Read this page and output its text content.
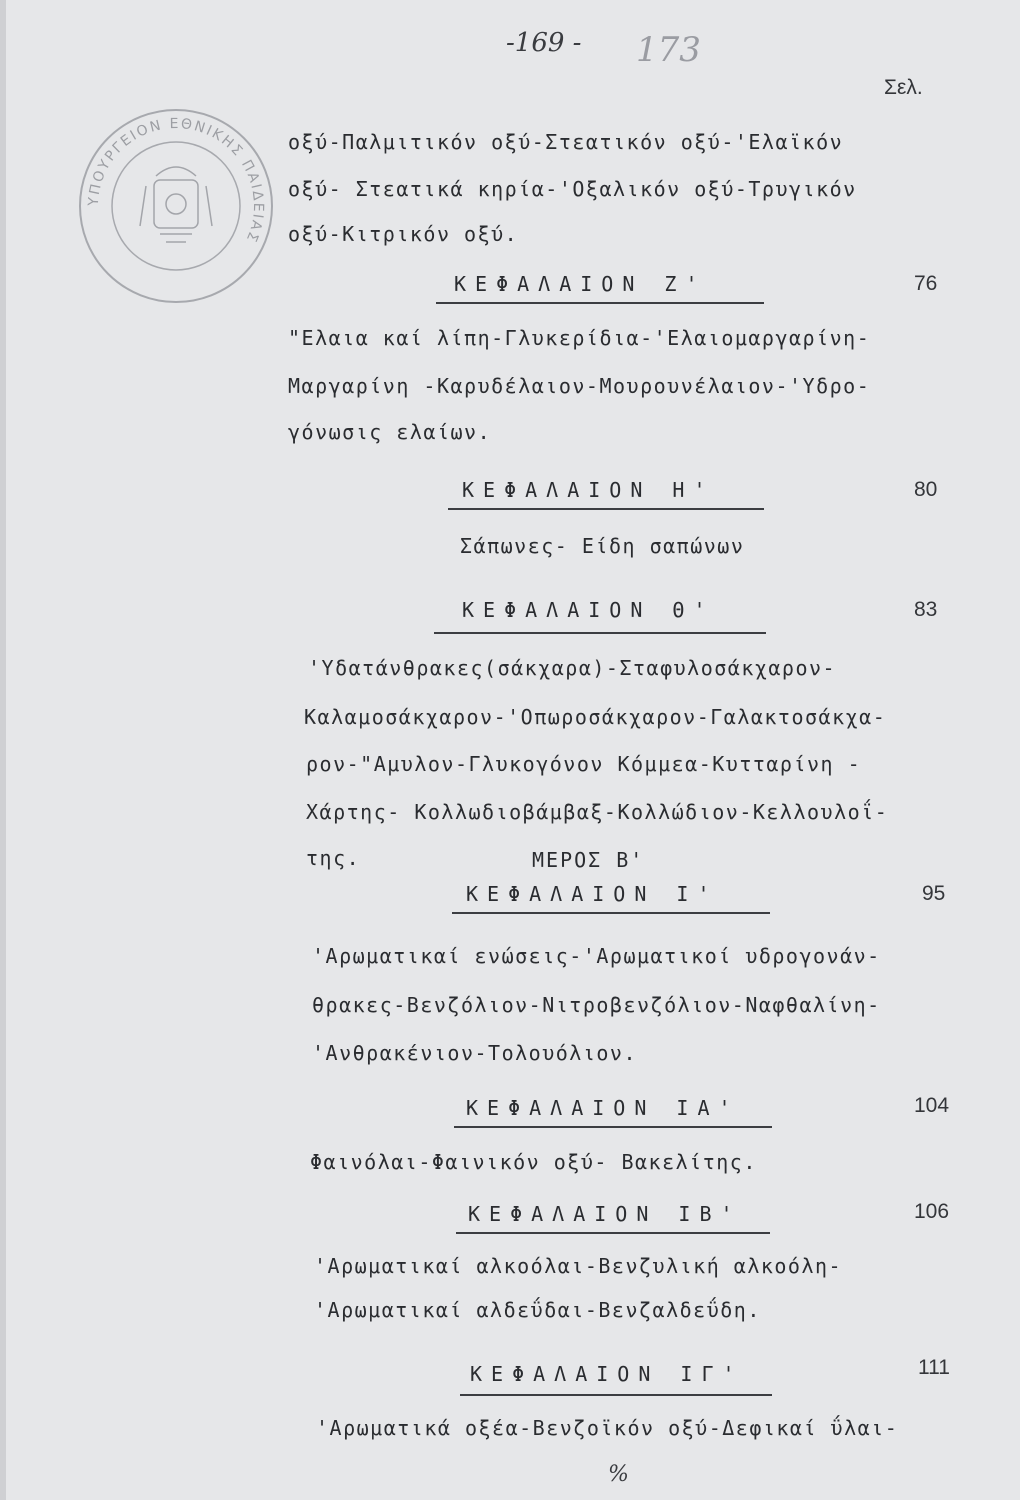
-169 - 173
Σελ.
ΥΠΟΥΡΓΕΙΟΝ ΕΘΝΙΚΗΣ ΠΑΙΔΕΙΑΣ
οξύ-Παλμιτικόν οξύ-Στεατικόν οξύ-'Ελαϊκόν
οξύ- Στεατικά κηρία-'Οξαλικόν οξύ-Τρυγικόν
οξύ-Κιτρικόν οξύ.
ΚΕΦΑΛΑΙΟΝ Ζ'	76
"Ελαια καί λίπη-Γλυκερίδια-'Ελαιομαργαρίνη-
Μαργαρίνη -Καρυδέλαιον-Μουρουνέλαιον-'Υδρο-
γόνωσις ελαίων.
ΚΕΦΑΛΑΙΟΝ Η'	80
Σάπωνες- Είδη σαπώνων
ΚΕΦΑΛΑΙΟΝ Θ'	83
'Υδατάνθρακες(σάκχαρα)-Σταφυλοσάκχαρον-
Καλαμοσάκχαρον-'Οπωροσάκχαρον-Γαλακτοσάκχα-
ρον-"Αμυλον-Γλυκογόνον Κόμμεα-Κυτταρίνη -
Χάρτης- Κολλωδιοβάμβαξ-Κολλώδιον-Κελλουλοΐ-
της.	ΜΕΡΟΣ Β'
ΚΕΦΑΛΑΙΟΝ Ι'	95
'Αρωματικαί ενώσεις-'Αρωματικοί υδρογονάν-
θρακες-Βενζόλιον-Νιτροβενζόλιον-Ναφθαλίνη-
'Ανθρακένιον-Τολουόλιον.
ΚΕΦΑΛΑΙΟΝ ΙΑ'	104
Φαινόλαι-Φαινικόν οξύ- Βακελίτης.
ΚΕΦΑΛΑΙΟΝ ΙΒ'	106
'Αρωματικαί αλκοόλαι-Βενζυλική αλκοόλη-
'Αρωματικαί αλδεΰδαι-Βενζαλδεΰδη.
ΚΕΦΑΛΑΙΟΝ ΙΓ'	111
'Αρωματικά οξέα-Βενζοϊκόν οξύ-Δεφικαί ΰλαι-
%
